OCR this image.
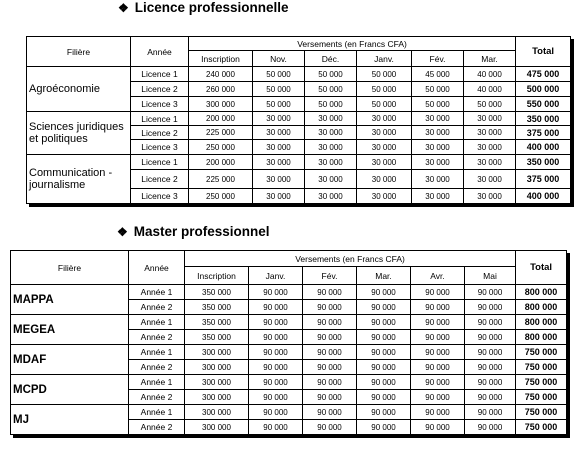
❖ Licence professionnelle
Filière	Année	Versements (en Francs CFA)						Total
		Inscription	Nov.	Déc.	Janv.	Fév.	Mar.	
Agroéconomie	Licence 1	240 000	50 000	50 000	50 000	45 000	40 000	475 000
	Licence 2	260 000	50 000	50 000	50 000	50 000	40 000	500 000
	Licence 3	300 000	50 000	50 000	50 000	50 000	50 000	550 000
Sciences juridiques et politiques	Licence 1	200 000	30 000	30 000	30 000	30 000	30 000	350 000
	Licence 2	225 000	30 000	30 000	30 000	30 000	30 000	375 000
	Licence 3	250 000	30 000	30 000	30 000	30 000	30 000	400 000
Communication -journalisme	Licence 1	200 000	30 000	30 000	30 000	30 000	30 000	350 000
	Licence 2	225 000	30 000	30 000	30 000	30 000	30 000	375 000
	Licence 3	250 000	30 000	30 000	30 000	30 000	30 000	400 000
❖ Master professionnel
Filière	Année	Versements (en Francs CFA)						Total
		Inscription	Janv.	Fév.	Mar.	Avr.	Mai	
MAPPA	Année 1	350 000	90 000	90 000	90 000	90 000	90 000	800 000
	Année 2	350 000	90 000	90 000	90 000	90 000	90 000	800 000
MEGEA	Année 1	350 000	90 000	90 000	90 000	90 000	90 000	800 000
	Année 2	350 000	90 000	90 000	90 000	90 000	90 000	800 000
MDAF	Année 1	300 000	90 000	90 000	90 000	90 000	90 000	750 000
	Année 2	300 000	90 000	90 000	90 000	90 000	90 000	750 000
MCPD	Année 1	300 000	90 000	90 000	90 000	90 000	90 000	750 000
	Année 2	300 000	90 000	90 000	90 000	90 000	90 000	750 000
MJ	Année 1	300 000	90 000	90 000	90 000	90 000	90 000	750 000
	Année 2	300 000	90 000	90 000	90 000	90 000	90 000	750 000
